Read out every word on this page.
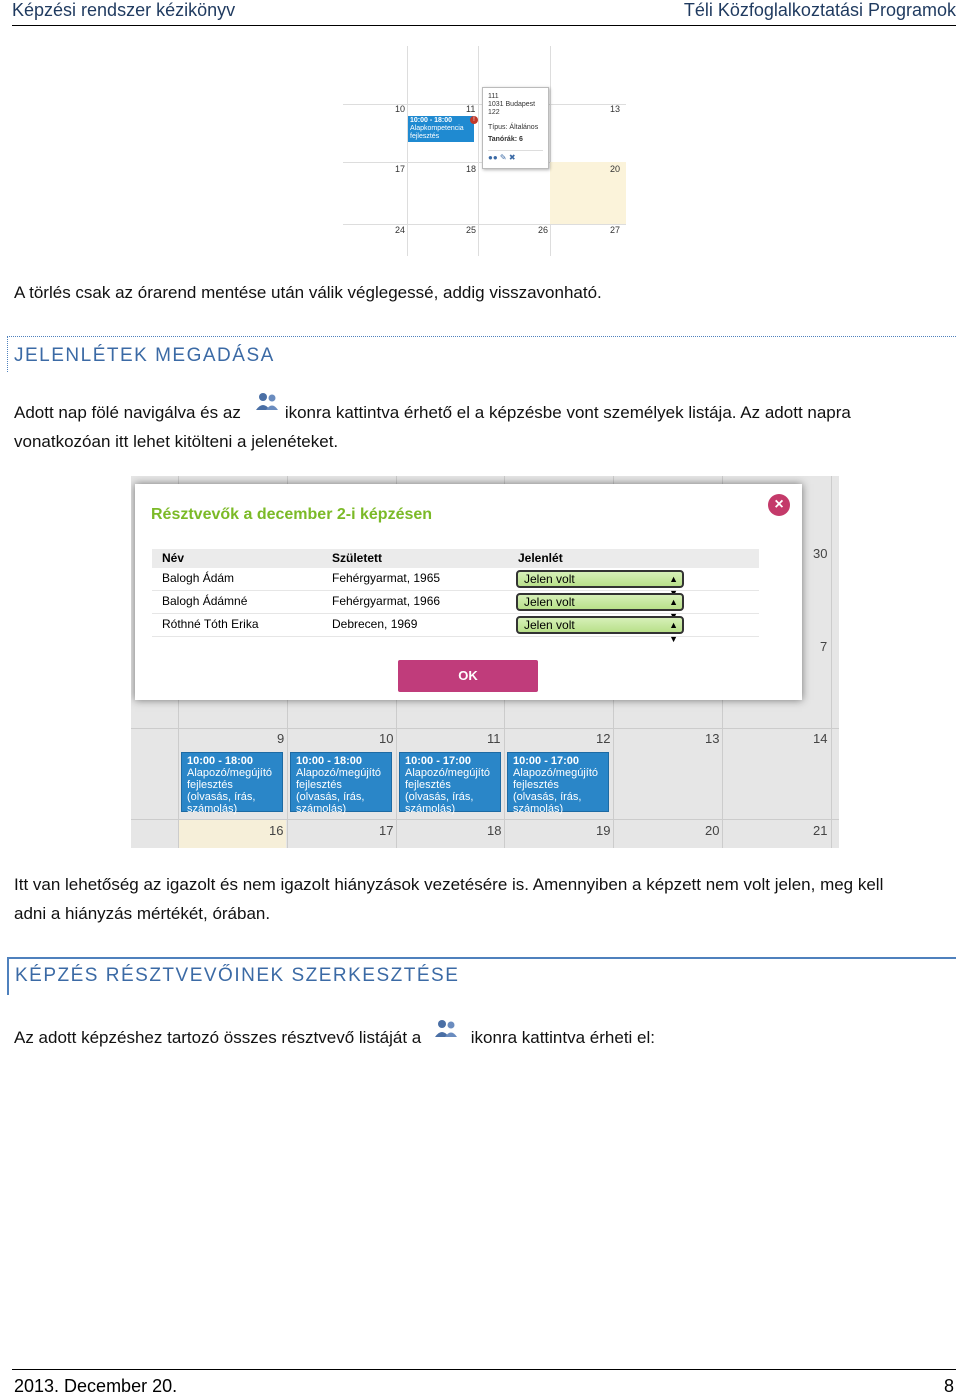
Képzési rendszer kézikönyv	Téli Közfoglalkoztatási Programok
10	11	13
17	18	20
24	25	26	27
10:00 - 18:00
Alapkompetencia fejlesztés
!
111
1031 Budapest
122
Típus: Általános
Tanórák: 6
●● ✎ ✖
A törlés csak az órarend mentése után válik véglegessé, addig visszavonható.
JELENLÉTEK MEGADÁSA
Adott nap fölé navigálva és az	ikonra kattintva érhető el a képzésbe vont személyek listája. Az adott napra
vonatkozóan itt lehet kitölteni a jelenéteket.
30
7
9	10	11	12	13	14
16	17	18	19	20	21
10:00 - 18:00
Alapozó/megújító
fejlesztés
(olvasás, írás,
számolás)
10:00 - 18:00
Alapozó/megújító
fejlesztés
(olvasás, írás,
számolás)
10:00 - 17:00
Alapozó/megújító
fejlesztés
(olvasás, írás,
számolás)
10:00 - 17:00
Alapozó/megújító
fejlesztés
(olvasás, írás,
számolás)
Résztvevők a december 2-i képzésen
×
Név	Született	Jelenlét
Balogh Ádám	Fehérgyarmat, 1965	Jelen volt	▲

Balogh Ádámné	Fehérgyarmat, 1966	Jelen volt	▲

Róthné Tóth Erika	Debrecen, 1969	Jelen volt	▲
▼
OK
Itt van lehetőség az igazolt és nem igazolt hiányzások vezetésére is. Amennyiben a képzett nem volt jelen, meg kell
adni a hiányzás mértékét, órában.
KÉPZÉS RÉSZTVEVŐINEK SZERKESZTÉSE
Az adott képzéshez tartozó összes résztvevő listáját a	ikonra kattintva érheti el:
2013. December 20.	8
